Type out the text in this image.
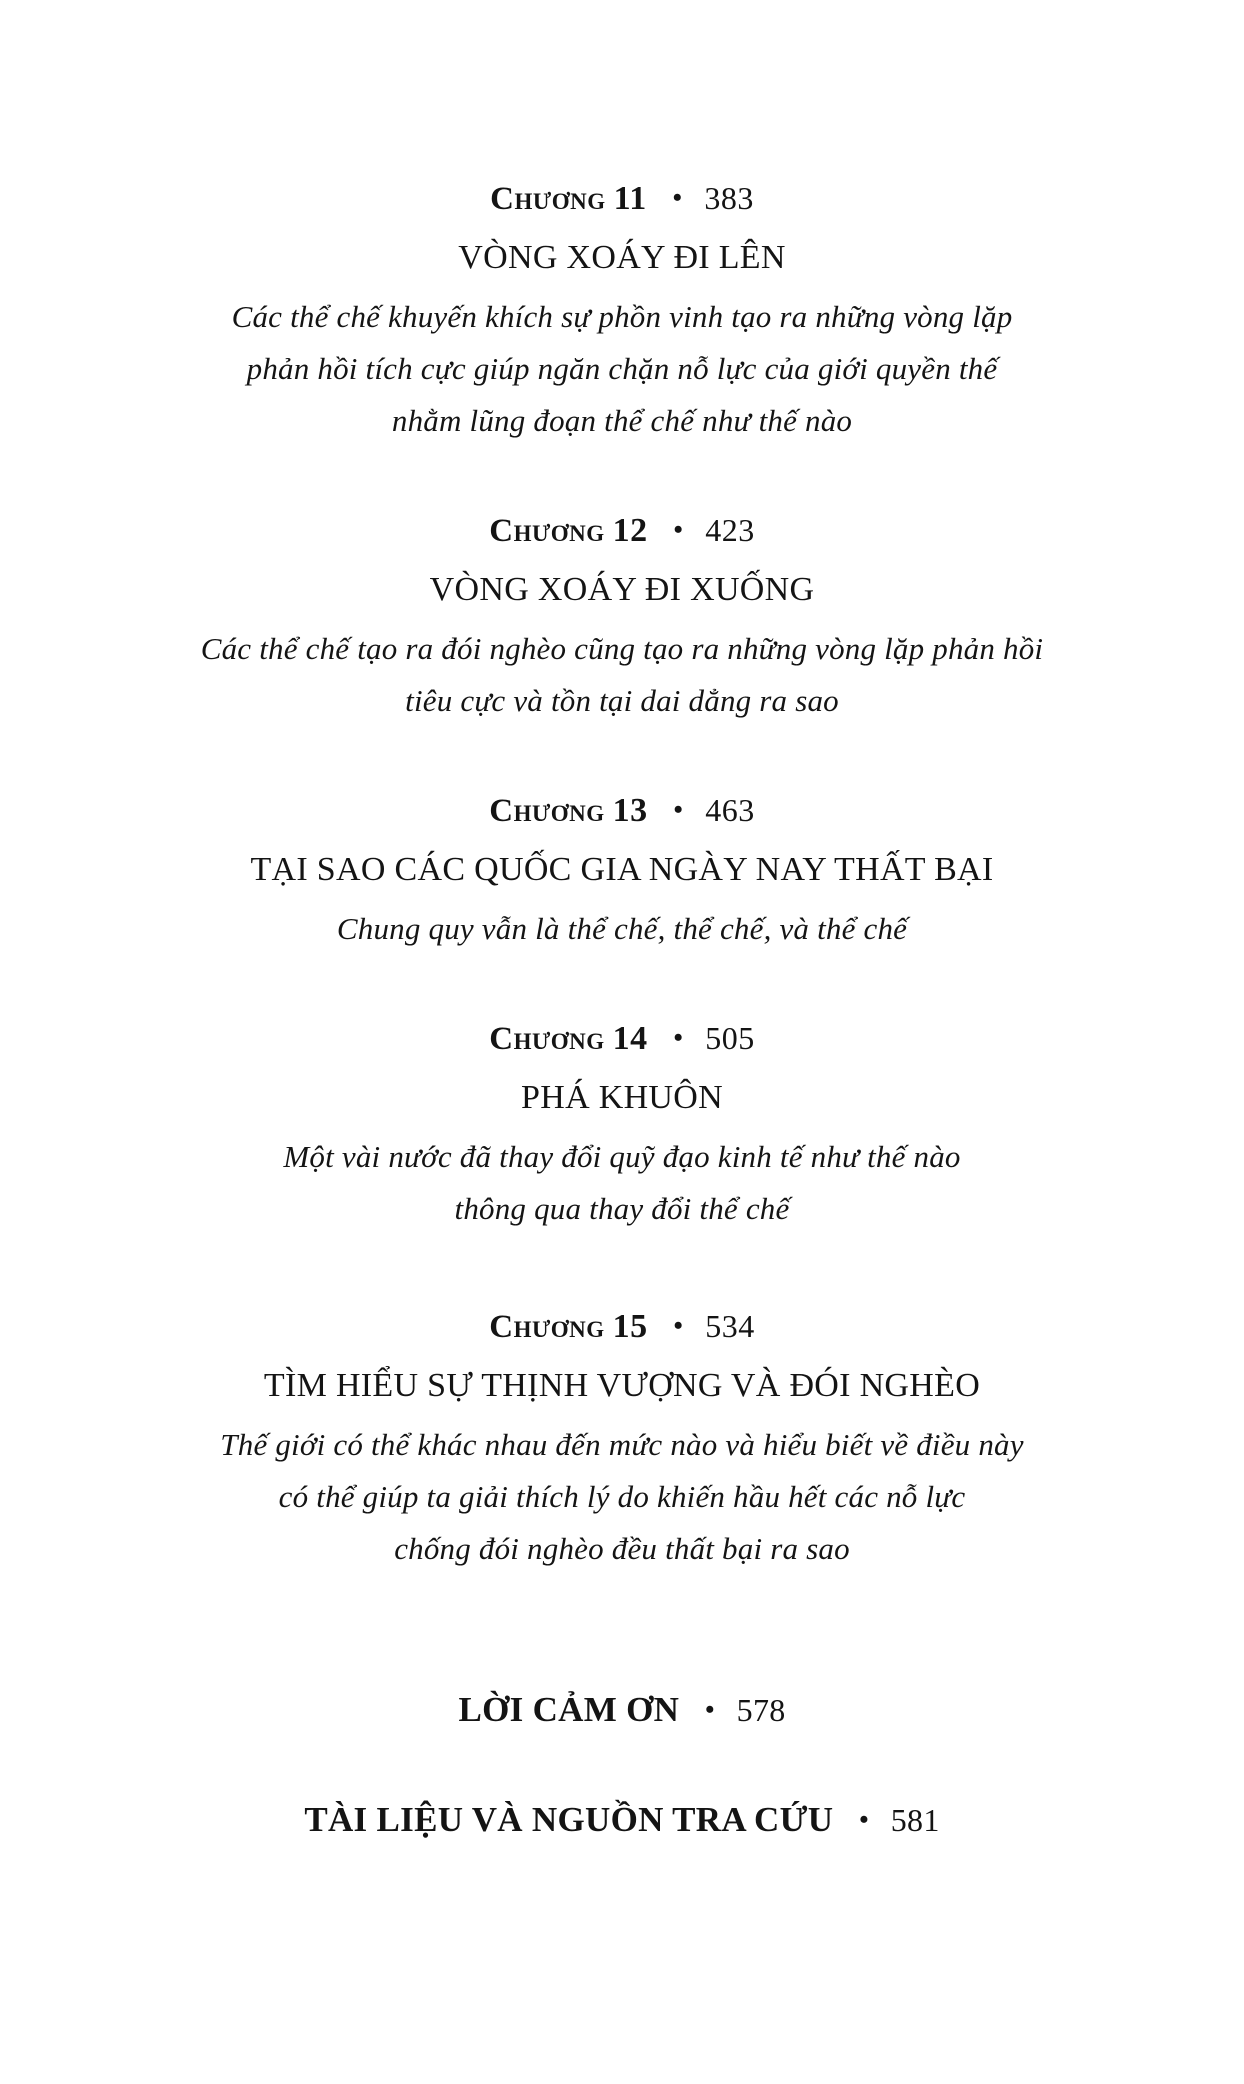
Chương 11 • 383
VÒNG XOÁY ĐI LÊN
Các thể chế khuyến khích sự phồn vinh tạo ra những vòng lặp
phản hồi tích cực giúp ngăn chặn nỗ lực của giới quyền thế
nhằm lũng đoạn thể chế như thế nào
Chương 12 • 423
VÒNG XOÁY ĐI XUỐNG
Các thể chế tạo ra đói nghèo cũng tạo ra những vòng lặp phản hồi
tiêu cực và tồn tại dai dẳng ra sao
Chương 13 • 463
TẠI SAO CÁC QUỐC GIA NGÀY NAY THẤT BẠI
Chung quy vẫn là thể chế, thể chế, và thể chế
Chương 14 • 505
PHÁ KHUÔN
Một vài nước đã thay đổi quỹ đạo kinh tế như thế nào
thông qua thay đổi thể chế
Chương 15 • 534
TÌM HIỂU SỰ THỊNH VƯỢNG VÀ ĐÓI NGHÈO
Thế giới có thể khác nhau đến mức nào và hiểu biết về điều này
có thể giúp ta giải thích lý do khiến hầu hết các nỗ lực
chống đói nghèo đều thất bại ra sao
LỜI CẢM ƠN • 578
TÀI LIỆU VÀ NGUỒN TRA CỨU • 581
